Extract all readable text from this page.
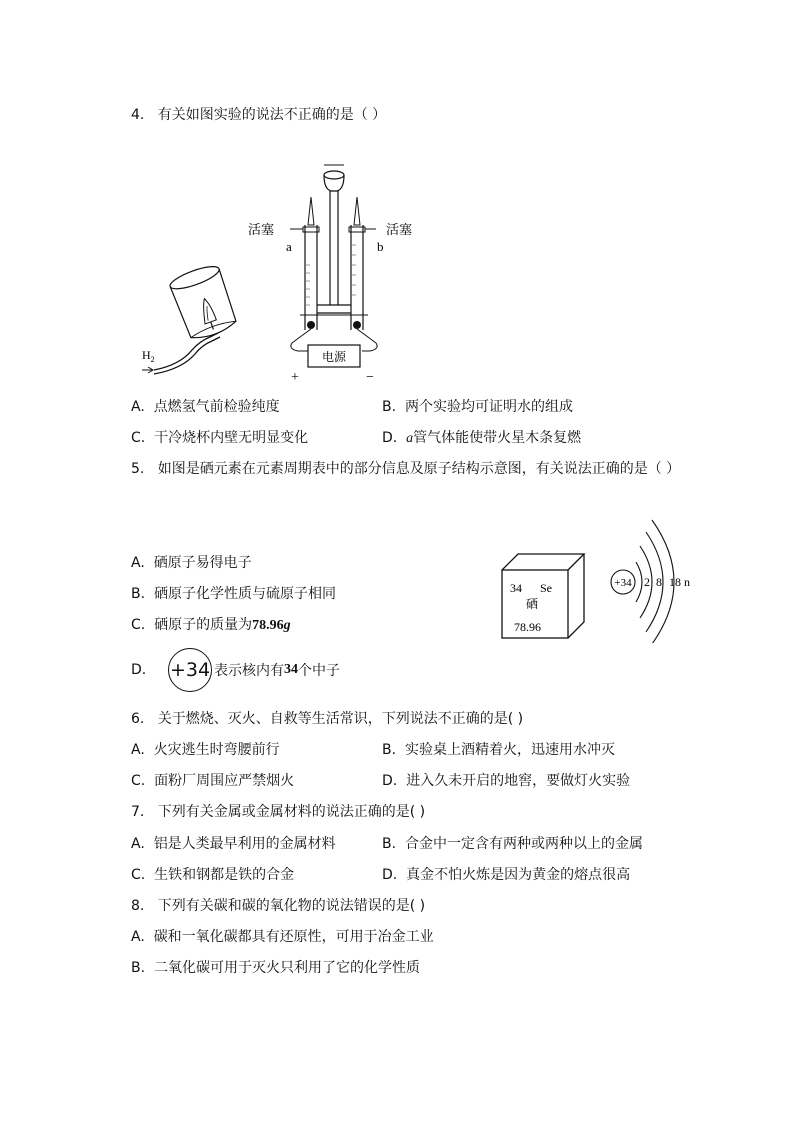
4. 有关如图实验的说法不正确的是（ ）
$H_2$	电源
+	−
活塞	活塞
a	b
A. 点燃氢气前检验纯度	B. 两个实验均可证明水的组成
C. 干冷烧杯内壁无明显变化	D. a管气体能使带火星木条复燃
5. 如图是硒元素在元素周期表中的部分信息及原子结构示意图，有关说法正确的是（ ）
A. 硒原子易得电子
B. 硒原子化学性质与硫原子相同
C. 硒原子的质量为78.96g
D.
+34 表示核内有 34 个中子
34 Se
硒
78.96
+34 2 8 18 n
6. 关于燃烧、灭火、自救等生活常识，下列说法不正确的是( )
A. 火灾逃生时弯腰前行	B. 实验桌上酒精着火，迅速用水冲灭
C. 面粉厂周围应严禁烟火	D. 进入久未开启的地窖，要做灯火实验
7. 下列有关金属或金属材料的说法正确的是( )
A. 铝是人类最早利用的金属材料	B. 合金中一定含有两种或两种以上的金属
C. 生铁和钢都是铁的合金	D. 真金不怕火炼是因为黄金的熔点很高
8. 下列有关碳和碳的氧化物的说法错误的是( )
A. 碳和一氧化碳都具有还原性，可用于冶金工业
B. 二氧化碳可用于灭火只利用了它的化学性质
